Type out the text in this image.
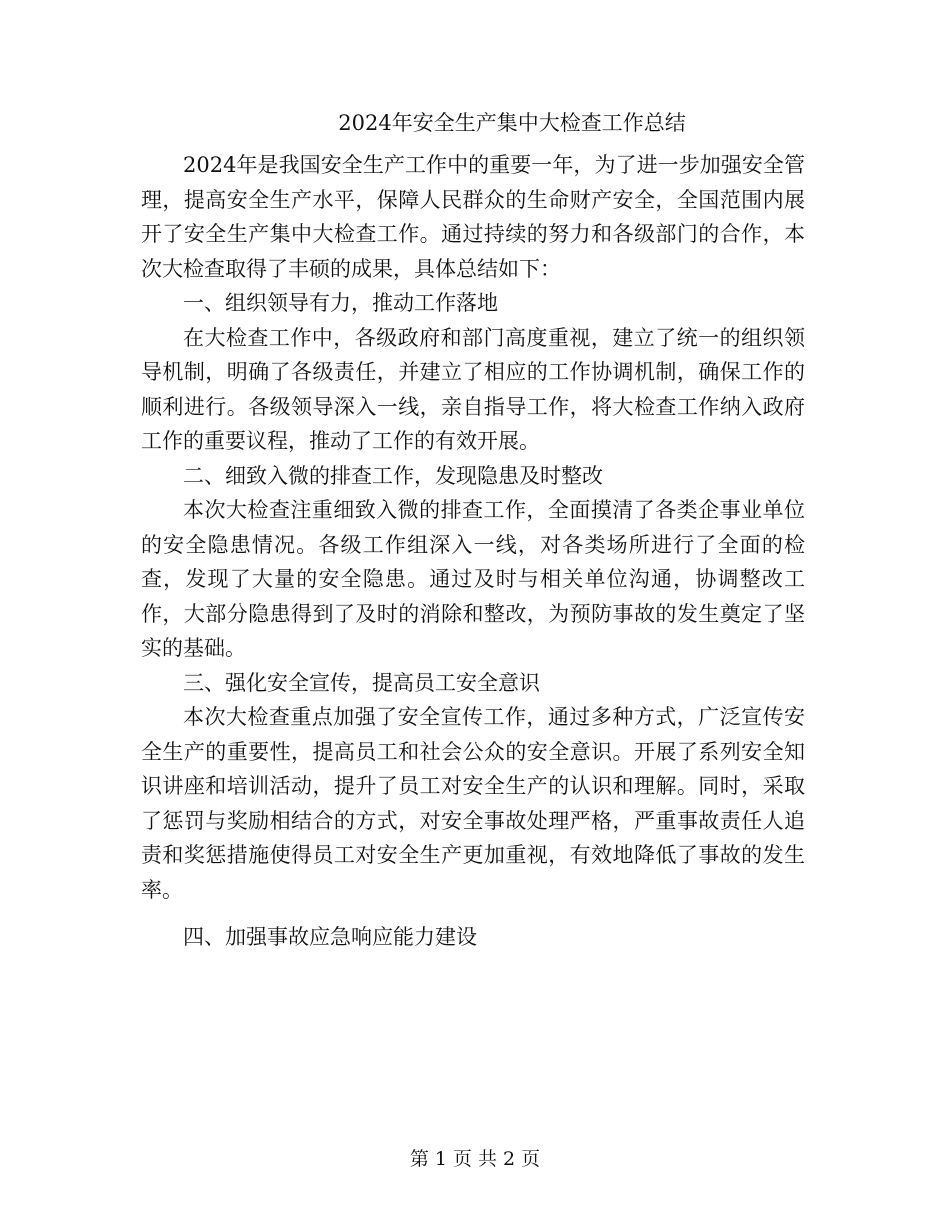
2024年安全生产集中大检查工作总结

2024年是我国安全生产工作中的重要一年，为了进一步加强安全管理，提高安全生产水平，保障人民群众的生命财产安全，全国范围内展开了安全生产集中大检查工作。通过持续的努力和各级部门的合作，本次大检查取得了丰硕的成果，具体总结如下：

一、组织领导有力，推动工作落地

在大检查工作中，各级政府和部门高度重视，建立了统一的组织领导机制，明确了各级责任，并建立了相应的工作协调机制，确保工作的顺利进行。各级领导深入一线，亲自指导工作，将大检查工作纳入政府工作的重要议程，推动了工作的有效开展。

二、细致入微的排查工作，发现隐患及时整改

本次大检查注重细致入微的排查工作，全面摸清了各类企事业单位的安全隐患情况。各级工作组深入一线，对各类场所进行了全面的检查，发现了大量的安全隐患。通过及时与相关单位沟通，协调整改工作，大部分隐患得到了及时的消除和整改，为预防事故的发生奠定了坚实的基础。

三、强化安全宣传，提高员工安全意识

本次大检查重点加强了安全宣传工作，通过多种方式，广泛宣传安全生产的重要性，提高员工和社会公众的安全意识。开展了系列安全知识讲座和培训活动，提升了员工对安全生产的认识和理解。同时，采取了惩罚与奖励相结合的方式，对安全事故处理严格，严重事故责任人追责和奖惩措施使得员工对安全生产更加重视，有效地降低了事故的发生率。

四、加强事故应急响应能力建设

第 1 页 共 2 页
